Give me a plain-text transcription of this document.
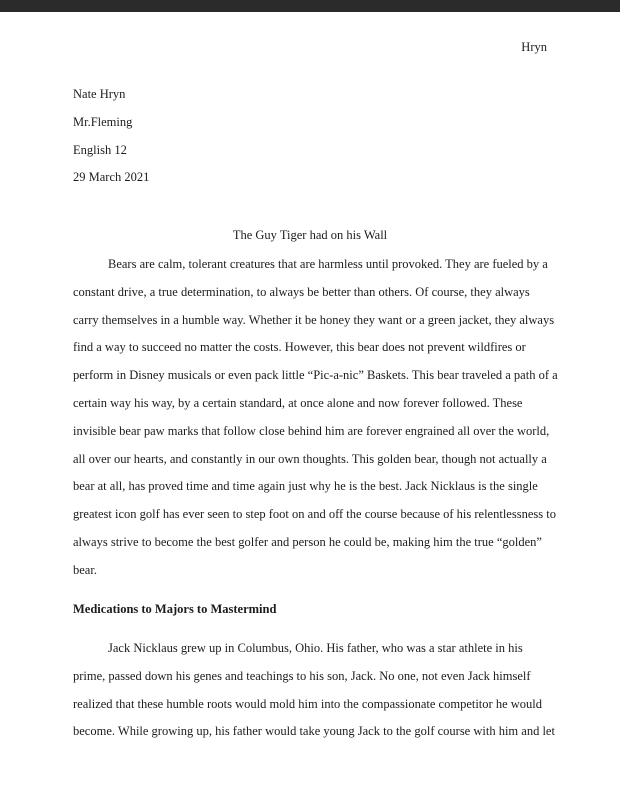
Hryn
Nate Hryn
Mr.Fleming
English 12
29 March 2021
The Guy Tiger had on his Wall
Bears are calm, tolerant creatures that are harmless until provoked. They are fueled by a
constant drive, a true determination, to always be better than others. Of course, they always
carry themselves in a humble way. Whether it be honey they want or a green jacket, they always
find a way to succeed no matter the costs. However, this bear does not prevent wildfires or
perform in Disney musicals or even pack little “Pic-a-nic” Baskets. This bear traveled a path of a
certain way his way, by a certain standard, at once alone and now forever followed. These
invisible bear paw marks that follow close behind him are forever engrained all over the world,
all over our hearts, and constantly in our own thoughts. This golden bear, though not actually a
bear at all, has proved time and time again just why he is the best. Jack Nicklaus is the single
greatest icon golf has ever seen to step foot on and off the course because of his relentlessness to
always strive to become the best golfer and person he could be, making him the true “golden”
bear.
Medications to Majors to Mastermind
Jack Nicklaus grew up in Columbus, Ohio. His father, who was a star athlete in his
prime, passed down his genes and teachings to his son, Jack. No one, not even Jack himself
realized that these humble roots would mold him into the compassionate competitor he would
become. While growing up, his father would take young Jack to the golf course with him and let
